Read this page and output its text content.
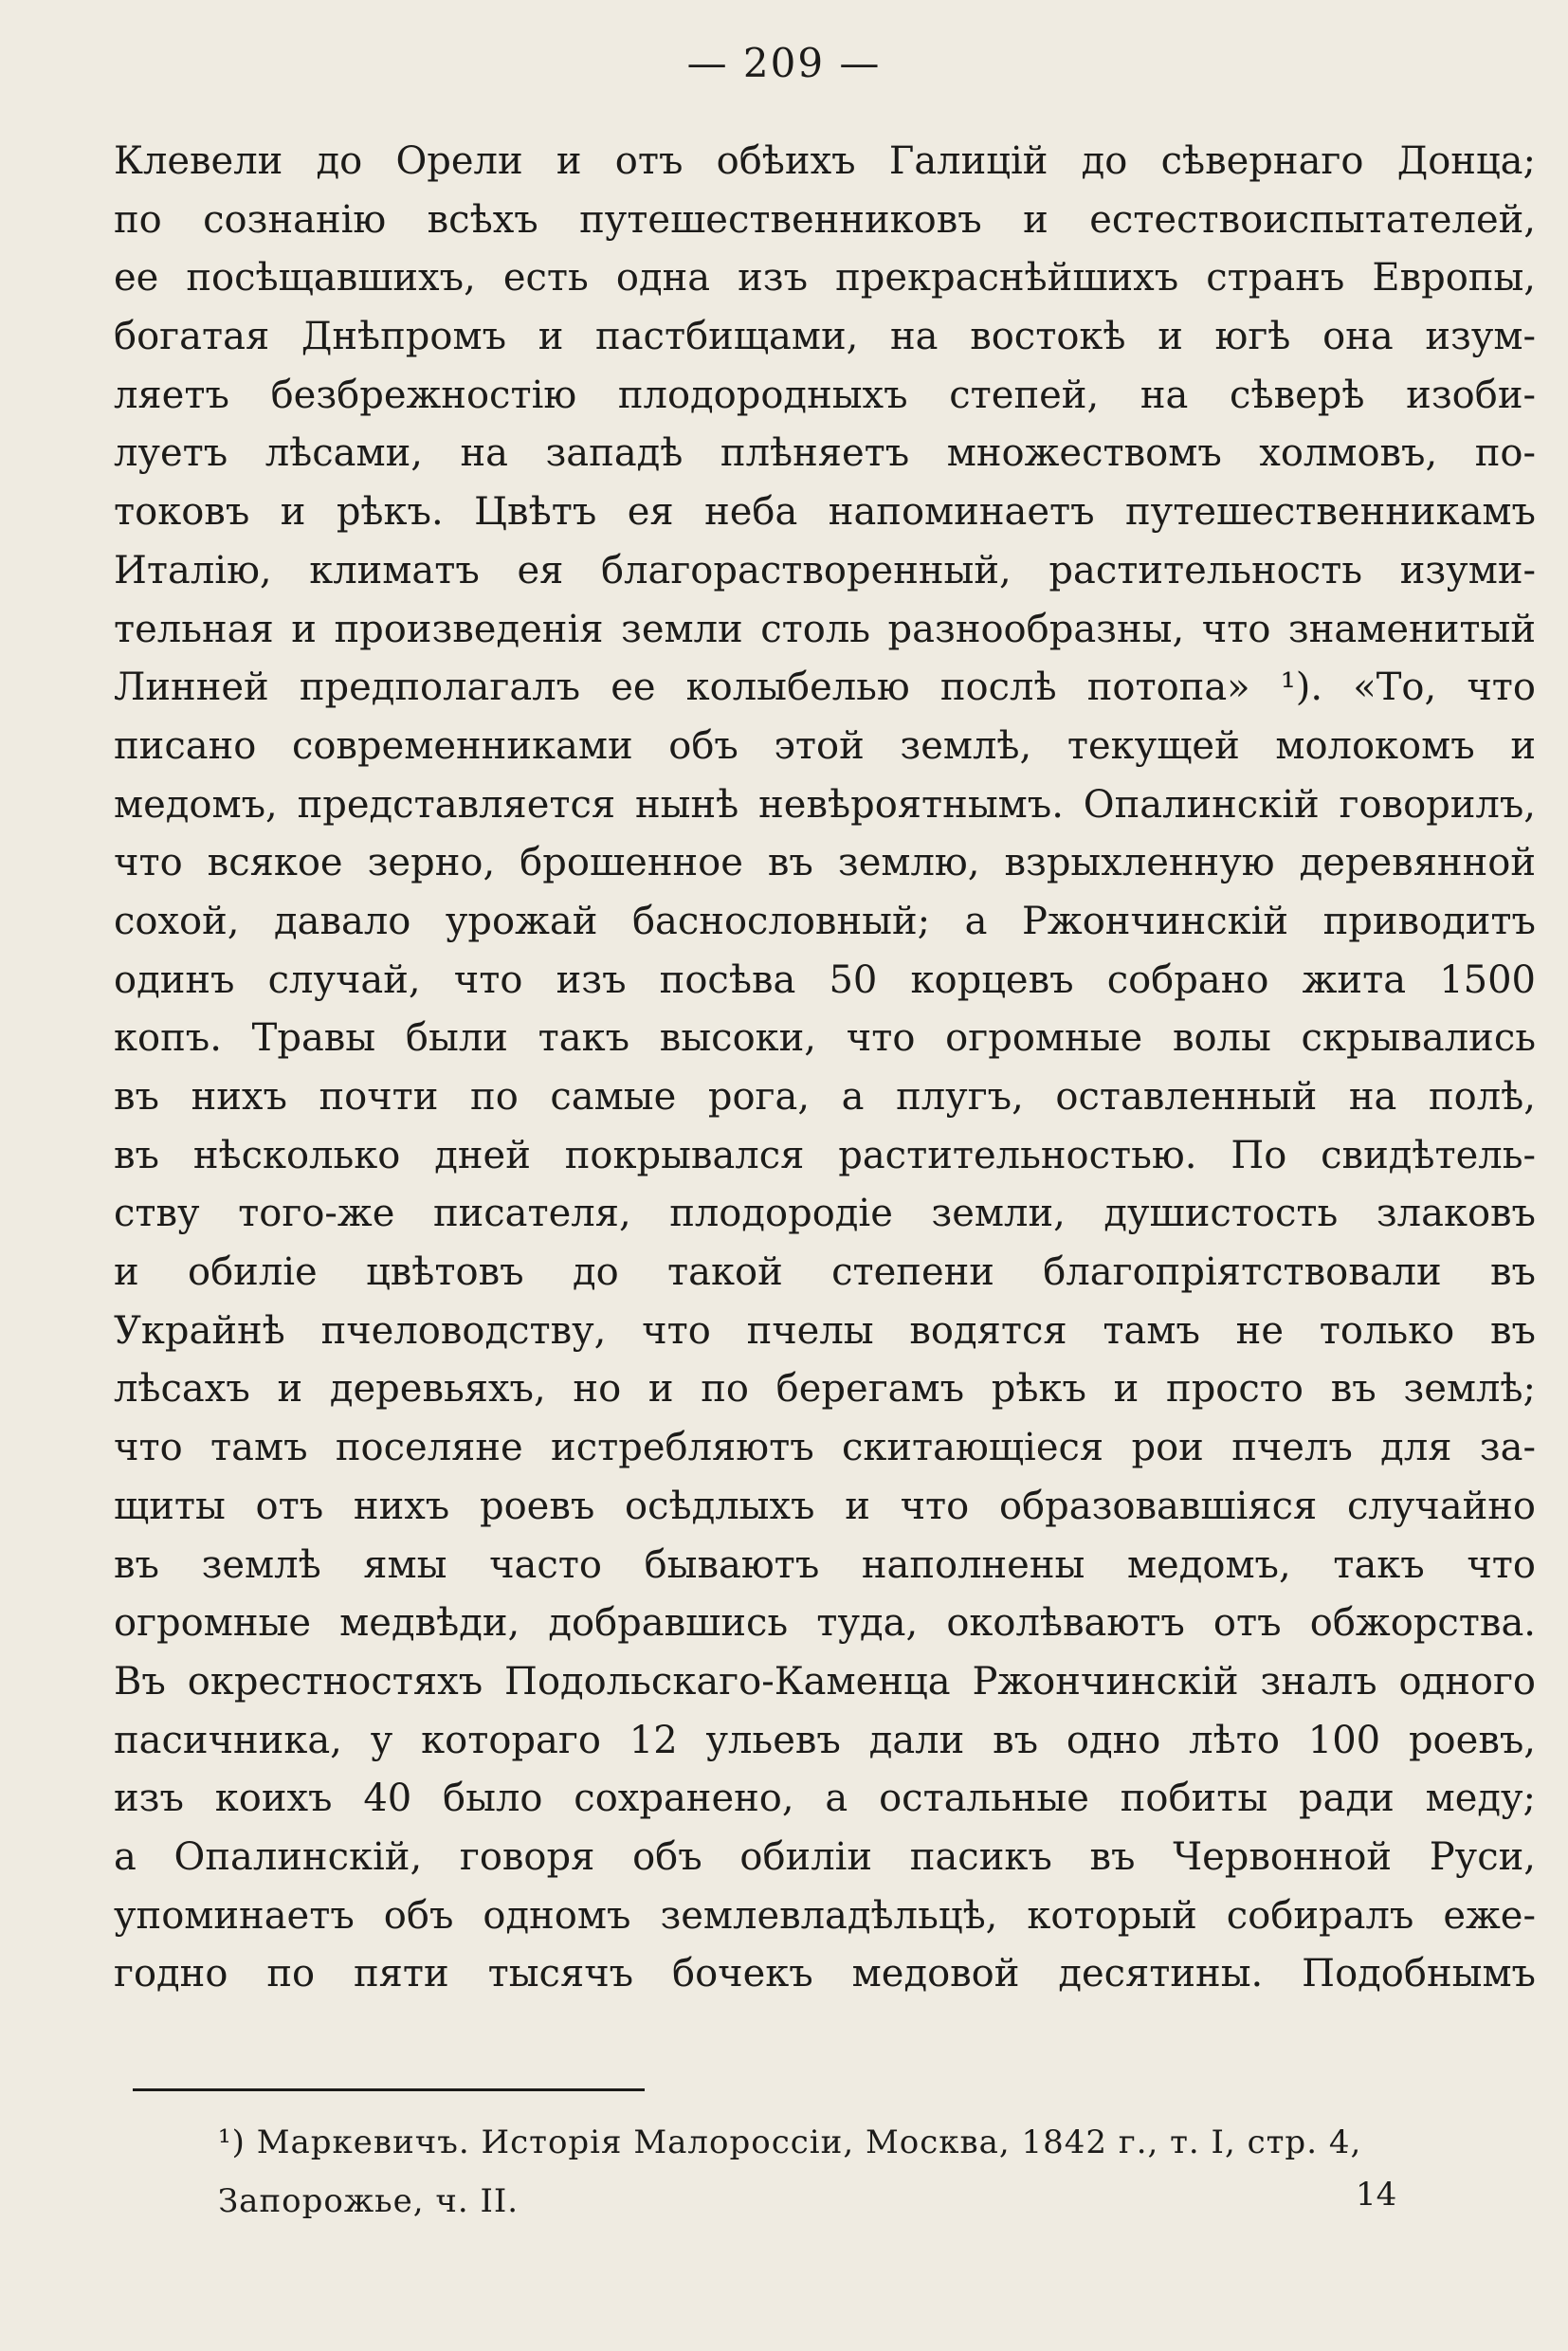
— 209 —
Клевели до Орели и отъ обѣихъ Галицій до сѣвернаго Донца;
по сознанію всѣхъ путешественниковъ и естествоиспытателей,
ее посѣщавшихъ, есть одна изъ прекраснѣйшихъ странъ Европы,
богатая Днѣпромъ и пастбищами, на востокѣ и югѣ она изум-
ляетъ безбрежностію плодородныхъ степей, на сѣверѣ изоби-
луетъ лѣсами, на западѣ плѣняетъ множествомъ холмовъ, по-
токовъ и рѣкъ. Цвѣтъ ея неба напоминаетъ путешественникамъ
Италію, климатъ ея благорастворенный, растительность изуми-
тельная и произведенія земли столь разнообразны, что знаменитый
Линней предполагалъ ее колыбелью послѣ потопа» ¹). «То, что
писано современниками объ этой землѣ, текущей молокомъ и
медомъ, представляется нынѣ невѣроятнымъ. Опалинскій говорилъ,
что всякое зерно, брошенное въ землю, взрыхленную деревянной
сохой, давало урожай баснословный; а Ржончинскій приводитъ
одинъ случай, что изъ посѣва 50 корцевъ собрано жита 1500
копъ. Травы были такъ высоки, что огромные волы скрывались
въ нихъ почти по самые рога, а плугъ, оставленный на полѣ,
въ нѣсколько дней покрывался растительностью. По свидѣтель-
ству того-же писателя, плодородіе земли, душистость злаковъ
и обиліе цвѣтовъ до такой степени благопріятствовали въ
Украйнѣ пчеловодству, что пчелы водятся тамъ не только въ
лѣсахъ и деревьяхъ, но и по берегамъ рѣкъ и просто въ землѣ;
что тамъ поселяне истребляютъ скитающіеся рои пчелъ для за-
щиты отъ нихъ роевъ осѣдлыхъ и что образовавшіяся случайно
въ землѣ ямы часто бываютъ наполнены медомъ, такъ что
огромные медвѣди, добравшись туда, околѣваютъ отъ обжорства.
Въ окрестностяхъ Подольскаго-Каменца Ржончинскій зналъ одного
пасичника, у котораго 12 ульевъ дали въ одно лѣто 100 роевъ,
изъ коихъ 40 было сохранено, а остальные побиты ради меду;
а Опалинскій, говоря объ обиліи пасикъ въ Червонной Руси,
упоминаетъ объ одномъ землевладѣльцѣ, который собиралъ еже-
годно по пяти тысячъ бочекъ медовой десятины. Подобнымъ
¹) Маркевичъ. Исторія Малороссіи, Москва, 1842 г., т. I, стр. 4,
Запорожье, ч. II.	14
